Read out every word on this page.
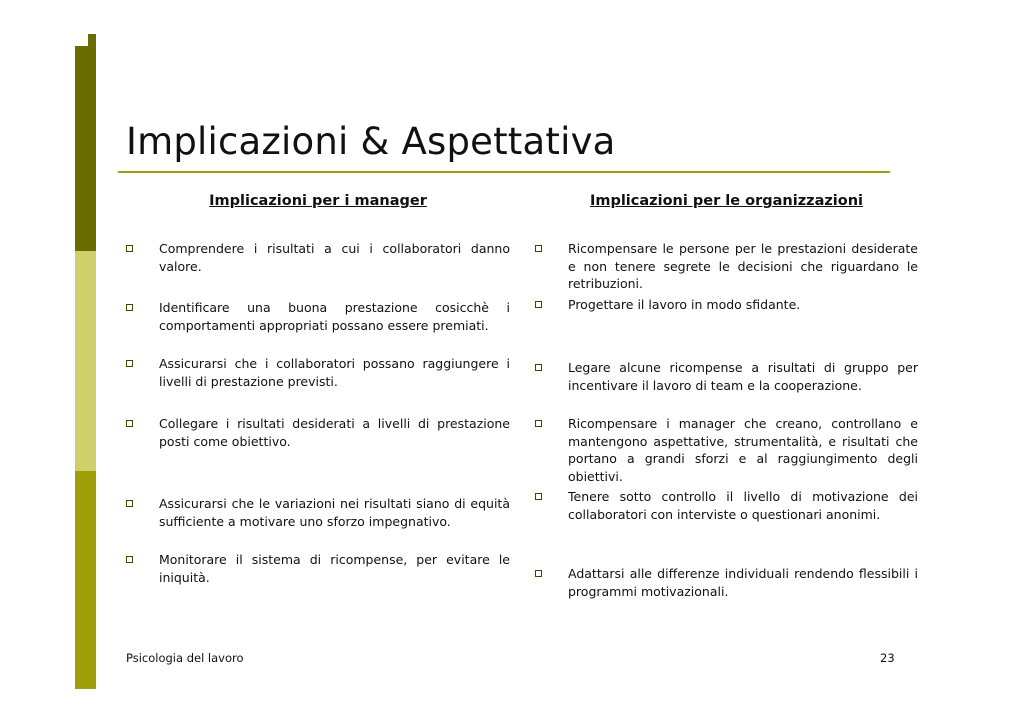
Implicazioni & Aspettativa
Implicazioni per i manager	Implicazioni per le organizzazioni
Comprendere i risultati a cui i collaboratori danno valore.
Identificare una buona prestazione cosicchè i comportamenti appropriati possano essere premiati.
Assicurarsi che i collaboratori possano raggiungere i livelli di prestazione previsti.
Collegare i risultati desiderati a livelli di prestazione posti come obiettivo.
Assicurarsi che le variazioni nei risultati siano di equità sufficiente a motivare uno sforzo impegnativo.
Monitorare il sistema di ricompense, per evitare le iniquità.
Ricompensare le persone per le prestazioni desiderate e non tenere segrete le decisioni che riguardano le retribuzioni.
Progettare il lavoro in modo sfidante.
Legare alcune ricompense a risultati di gruppo per incentivare il lavoro di team e la cooperazione.
Ricompensare i manager che creano, controllano e mantengono aspettative, strumentalità, e risultati che portano a grandi sforzi e al raggiungimento degli obiettivi.
Tenere sotto controllo il livello di motivazione dei collaboratori con interviste o questionari anonimi.
Adattarsi alle differenze individuali rendendo flessibili i programmi motivazionali.
Psicologia del lavoro	23
